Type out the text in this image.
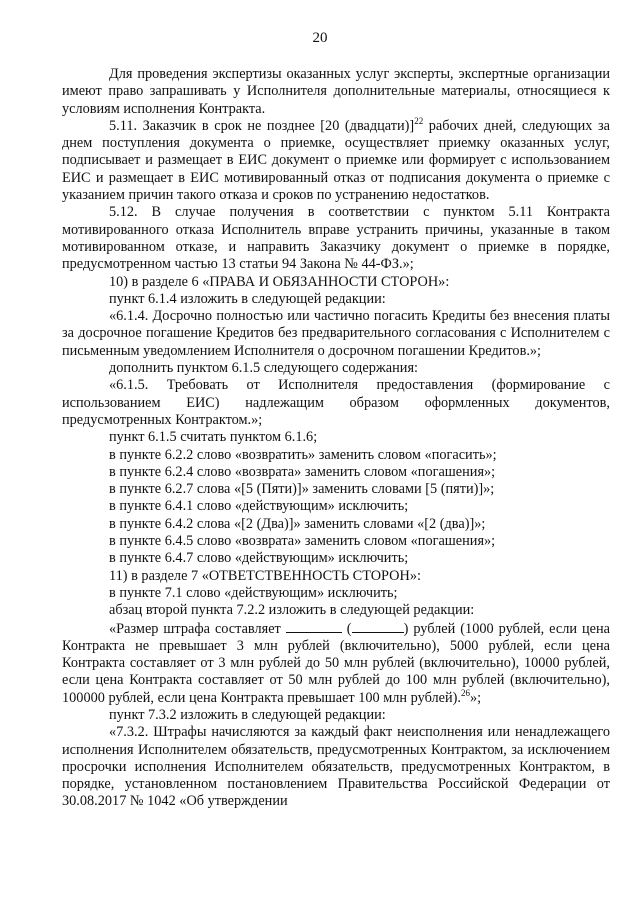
20

Для проведения экспертизы оказанных услуг эксперты, экспертные организации имеют право запрашивать у Исполнителя дополнительные материалы, относящиеся к условиям исполнения Контракта.

5.11. Заказчик в срок не позднее [20 (двадцати)]$^{22}$ рабочих дней, следующих за днем поступления документа о приемке, осуществляет приемку оказанных услуг, подписывает и размещает в ЕИС документ о приемке или формирует с использованием ЕИС и размещает в ЕИС мотивированный отказ от подписания документа о приемке с указанием причин такого отказа и сроков по устранению недостатков.

5.12. В случае получения в соответствии с пунктом 5.11 Контракта мотивированного отказа Исполнитель вправе устранить причины, указанные в таком мотивированном отказе, и направить Заказчику документ о приемке в порядке, предусмотренном частью 13 статьи 94 Закона № 44-ФЗ.»;

10) в разделе 6 «ПРАВА И ОБЯЗАННОСТИ СТОРОН»:

пункт 6.1.4 изложить в следующей редакции:

«6.1.4. Досрочно полностью или частично погасить Кредиты без внесения платы за досрочное погашение Кредитов без предварительного согласования с Исполнителем с письменным уведомлением Исполнителя о досрочном погашении Кредитов.»;

дополнить пунктом 6.1.5 следующего содержания:

«6.1.5. Требовать от Исполнителя предоставления (формирование с использованием ЕИС) надлежащим образом оформленных документов, предусмотренных Контрактом.»;

пункт 6.1.5 считать пунктом 6.1.6;

в пункте 6.2.2 слово «возвратить» заменить словом «погасить»;

в пункте 6.2.4 слово «возврата» заменить словом «погашения»;

в пункте 6.2.7 слова «[5 (Пяти)]» заменить словами [5 (пяти)]»;

в пункте 6.4.1 слово «действующим» исключить;

в пункте 6.4.2 слова «[2 (Два)]» заменить словами «[2 (два)]»;

в пункте 6.4.5 слово «возврата» заменить словом «погашения»;

в пункте 6.4.7 слово «действующим» исключить;

11) в разделе 7 «ОТВЕТСТВЕННОСТЬ СТОРОН»:

в пункте 7.1 слово «действующим» исключить;

абзац второй пункта 7.2.2 изложить в следующей редакции:

«Размер штрафа составляет	(	) рублей (1000 рублей, если цена Контракта не превышает 3 млн рублей (включительно), 5000 рублей, если цена Контракта составляет от 3 млн рублей до 50 млн рублей (включительно), 10000 рублей, если цена Контракта составляет от 50 млн рублей до 100 млн рублей (включительно), 100000 рублей, если цена Контракта превышает 100 млн рублей).$^{26}$»;

пункт 7.3.2 изложить в следующей редакции:

«7.3.2. Штрафы начисляются за каждый факт неисполнения или ненадлежащего исполнения Исполнителем обязательств, предусмотренных Контрактом, за исключением просрочки исполнения Исполнителем обязательств, предусмотренных Контрактом, в порядке, установленном постановлением Правительства Российской Федерации от 30.08.2017 № 1042 «Об утверждении
